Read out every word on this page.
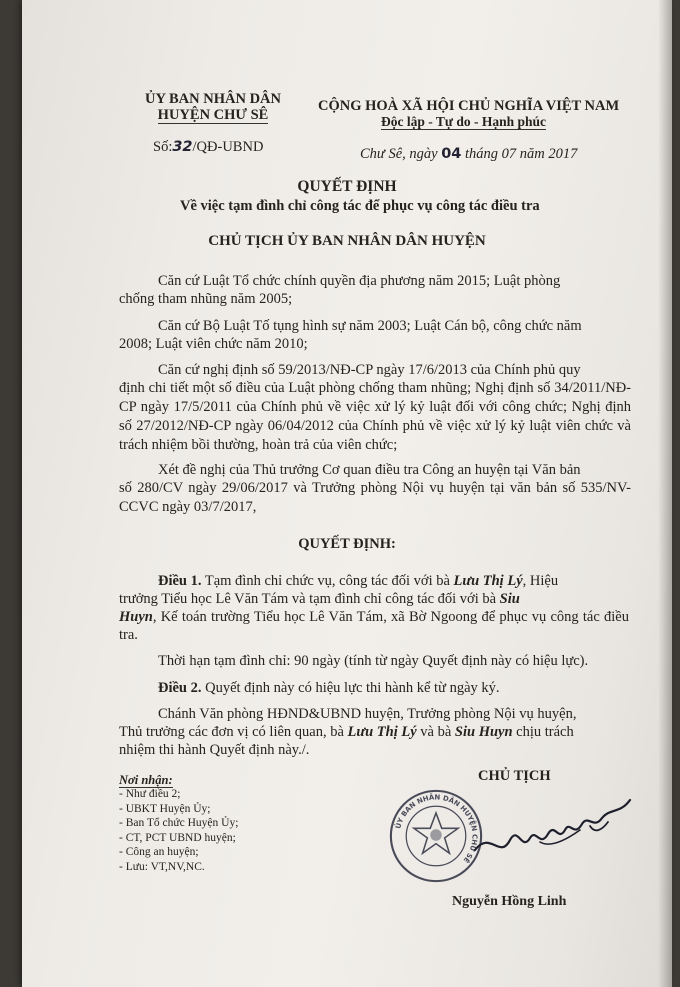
ỦY BAN NHÂN DÂN
HUYỆN CHƯ SÊ
CỘNG HOÀ XÃ HỘI CHỦ NGHĨA VIỆT NAM
Độc lập - Tự do - Hạnh phúc
Số:32/QĐ-UBND	Chư Sê, ngày 04 tháng 07 năm 2017
QUYẾT ĐỊNH
Về việc tạm đình chỉ công tác để phục vụ công tác điều tra
CHỦ TỊCH ỦY BAN NHÂN DÂN HUYỆN
Căn cứ Luật Tổ chức chính quyền địa phương năm 2015; Luật phòng
chống tham nhũng năm 2005;
Căn cứ Bộ Luật Tố tụng hình sự năm 2003; Luật Cán bộ, công chức năm
2008; Luật viên chức năm 2010;
Căn cứ nghị định số 59/2013/NĐ-CP ngày 17/6/2013 của Chính phủ quy
định chi tiết một số điều của Luật phòng chống tham nhũng; Nghị định số 34/2011/NĐ-CP ngày 17/5/2011 của Chính phủ về việc xử lý kỷ luật đối với công chức; Nghị định số 27/2012/NĐ-CP ngày 06/04/2012 của Chính phủ về việc xử lý kỷ luật viên chức và trách nhiệm bồi thường, hoàn trả của viên chức;
Xét đề nghị của Thủ trưởng Cơ quan điều tra Công an huyện tại Văn bản
số 280/CV ngày 29/06/2017 và Trưởng phòng Nội vụ huyện tại văn bản số 535/NV-CCVC ngày 03/7/2017,
QUYẾT ĐỊNH:
Điều 1. Tạm đình chỉ chức vụ, công tác đối với bà Lưu Thị Lý, Hiệu
trưởng Tiểu học Lê Văn Tám và tạm đình chỉ công tác đối với bà Siu
Huyn, Kế toán trường Tiểu học Lê Văn Tám, xã Bờ Ngoong để phục vụ công tác điều tra.
Thời hạn tạm đình chỉ: 90 ngày (tính từ ngày Quyết định này có hiệu lực).
Điều 2. Quyết định này có hiệu lực thi hành kể từ ngày ký.
Chánh Văn phòng HĐND&UBND huyện, Trưởng phòng Nội vụ huyện,
Thủ trưởng các đơn vị có liên quan, bà Lưu Thị Lý và bà Siu Huyn chịu trách
nhiệm thi hành Quyết định này./.
Nơi nhận:
- Như điều 2;
- UBKT Huyện Ủy;
- Ban Tổ chức Huyện Ủy;
- CT, PCT UBND huyện;
- Công an huyện;
- Lưu: VT,NV,NC.
CHỦ TỊCH
ỦY BAN NHÂN DÂN HUYỆN CHƯ SÊ
Nguyễn Hồng Linh
